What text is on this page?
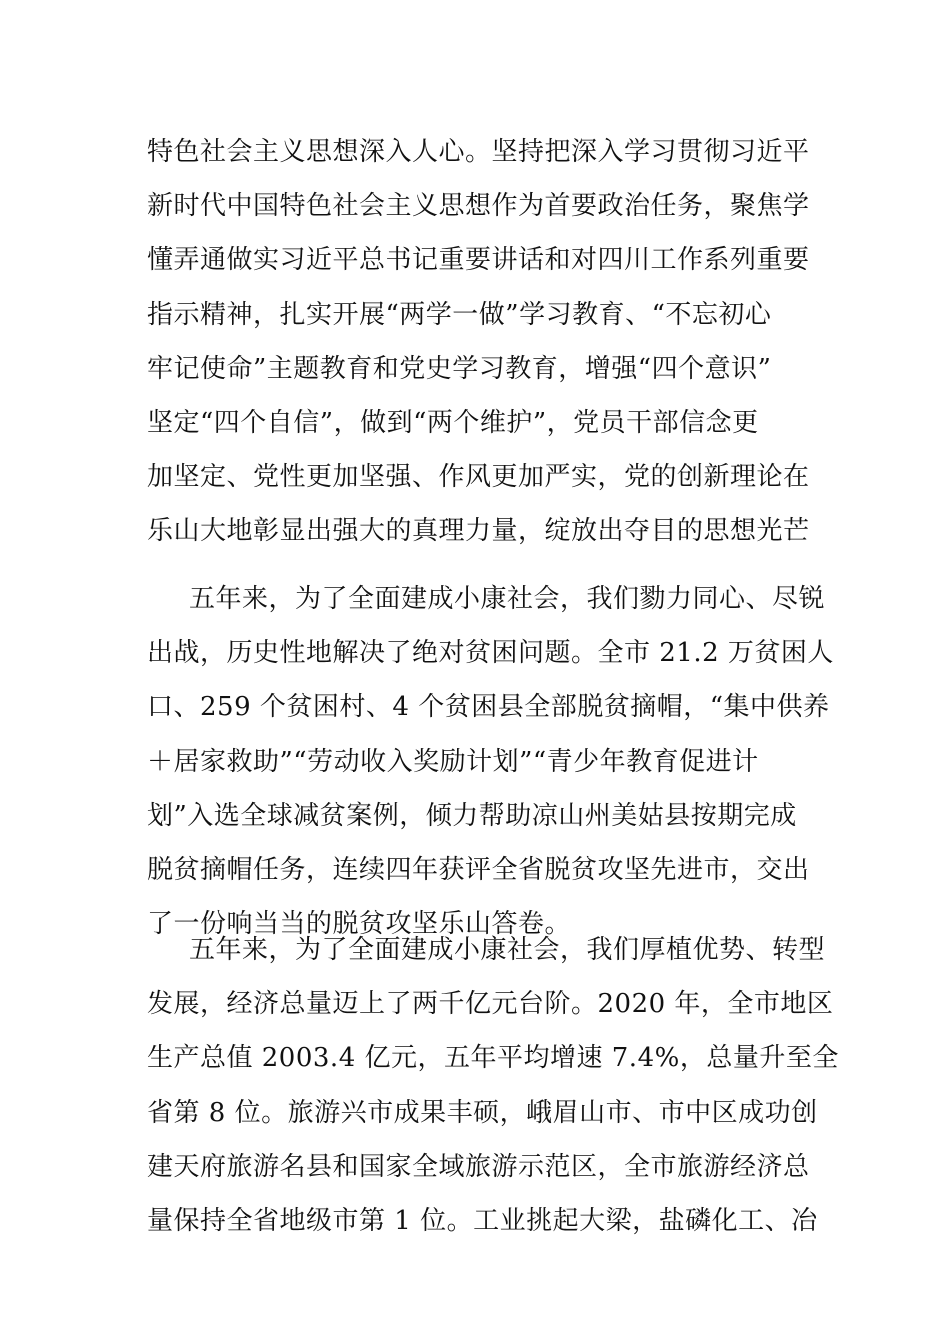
特色社会主义思想深入人心。坚持把深入学习贯彻习近平
新时代中国特色社会主义思想作为首要政治任务，聚焦学
懂弄通做实习近平总书记重要讲话和对四川工作系列重要
指示精神，扎实开展“两学一做”学习教育、“不忘初心
牢记使命”主题教育和党史学习教育，增强“四个意识”
坚定“四个自信”，做到“两个维护”，党员干部信念更
加坚定、党性更加坚强、作风更加严实，党的创新理论在
乐山大地彰显出强大的真理力量，绽放出夺目的思想光芒
五年来，为了全面建成小康社会，我们勠力同心、尽锐
出战，历史性地解决了绝对贫困问题。全市 21.2 万贫困人
口、259 个贫困村、4 个贫困县全部脱贫摘帽，“集中供养
＋居家救助”“劳动收入奖励计划”“青少年教育促进计
划”入选全球减贫案例，倾力帮助凉山州美姑县按期完成
脱贫摘帽任务，连续四年获评全省脱贫攻坚先进市，交出
了一份响当当的脱贫攻坚乐山答卷。
五年来，为了全面建成小康社会，我们厚植优势、转型
发展，经济总量迈上了两千亿元台阶。2020 年，全市地区
生产总值 2003.4 亿元，五年平均增速 7.4%，总量升至全
省第 8 位。旅游兴市成果丰硕，峨眉山市、市中区成功创
建天府旅游名县和国家全域旅游示范区，全市旅游经济总
量保持全省地级市第 1 位。工业挑起大梁，盐磷化工、冶
